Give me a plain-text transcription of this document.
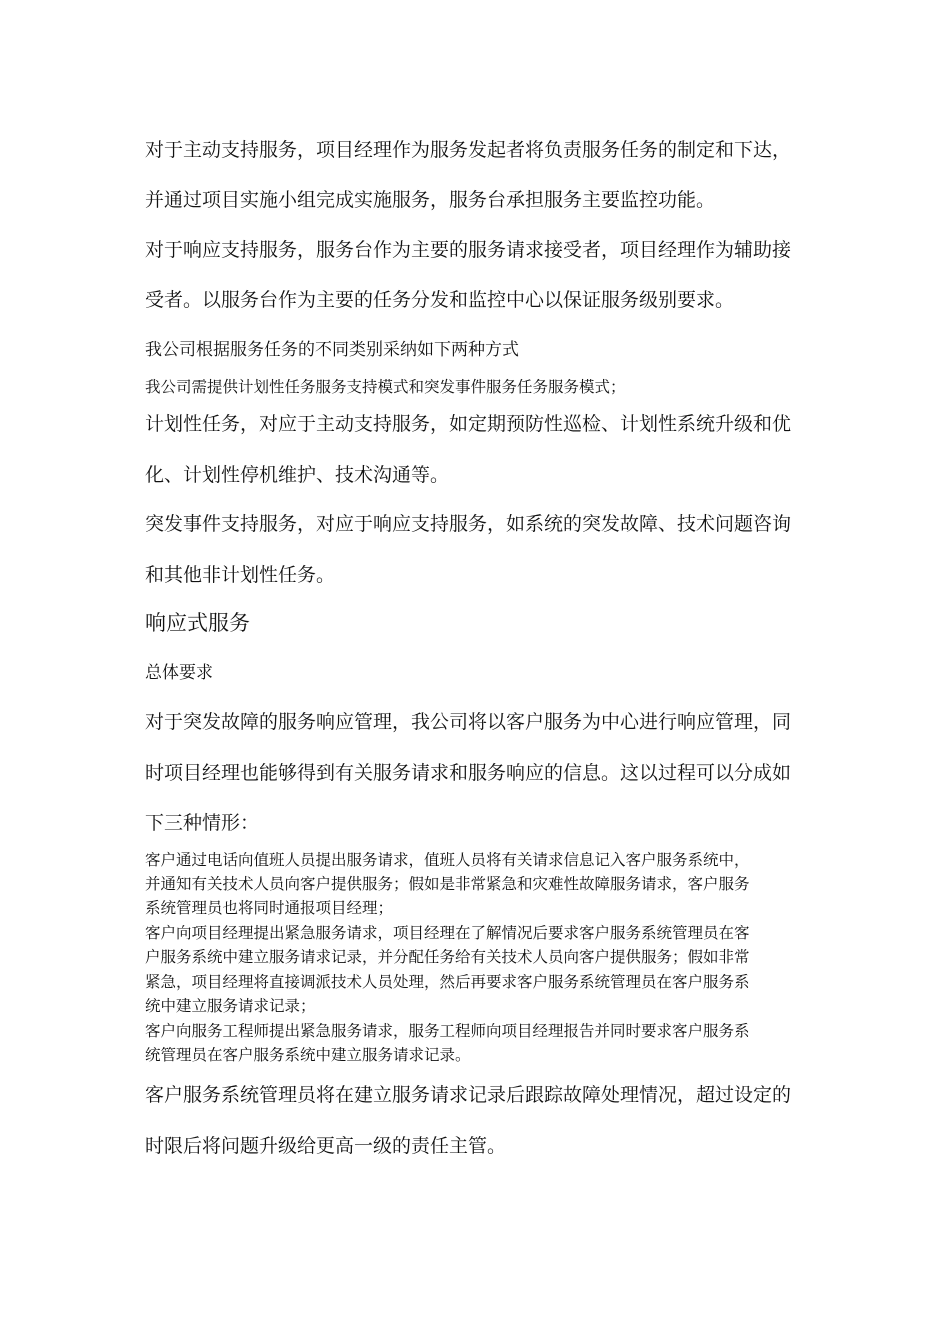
对于主动支持服务，项目经理作为服务发起者将负责服务任务的制定和下达，
并通过项目实施小组完成实施服务，服务台承担服务主要监控功能。
对于响应支持服务，服务台作为主要的服务请求接受者，项目经理作为辅助接
受者。以服务台作为主要的任务分发和监控中心以保证服务级别要求。
我公司根据服务任务的不同类别采纳如下两种方式
我公司需提供计划性任务服务支持模式和突发事件服务任务服务模式；
计划性任务，对应于主动支持服务，如定期预防性巡检、计划性系统升级和优
化、计划性停机维护、技术沟通等。
突发事件支持服务，对应于响应支持服务，如系统的突发故障、技术问题咨询
和其他非计划性任务。
响应式服务
总体要求
对于突发故障的服务响应管理，我公司将以客户服务为中心进行响应管理，同
时项目经理也能够得到有关服务请求和服务响应的信息。这以过程可以分成如
下三种情形：
客户通过电话向值班人员提出服务请求，值班人员将有关请求信息记入客户服务系统中，
并通知有关技术人员向客户提供服务；假如是非常紧急和灾难性故障服务请求，客户服务
系统管理员也将同时通报项目经理；
客户向项目经理提出紧急服务请求，项目经理在了解情况后要求客户服务系统管理员在客
户服务系统中建立服务请求记录，并分配任务给有关技术人员向客户提供服务；假如非常
紧急，项目经理将直接调派技术人员处理，然后再要求客户服务系统管理员在客户服务系
统中建立服务请求记录；
客户向服务工程师提出紧急服务请求，服务工程师向项目经理报告并同时要求客户服务系
统管理员在客户服务系统中建立服务请求记录。
客户服务系统管理员将在建立服务请求记录后跟踪故障处理情况，超过设定的
时限后将问题升级给更高一级的责任主管。
